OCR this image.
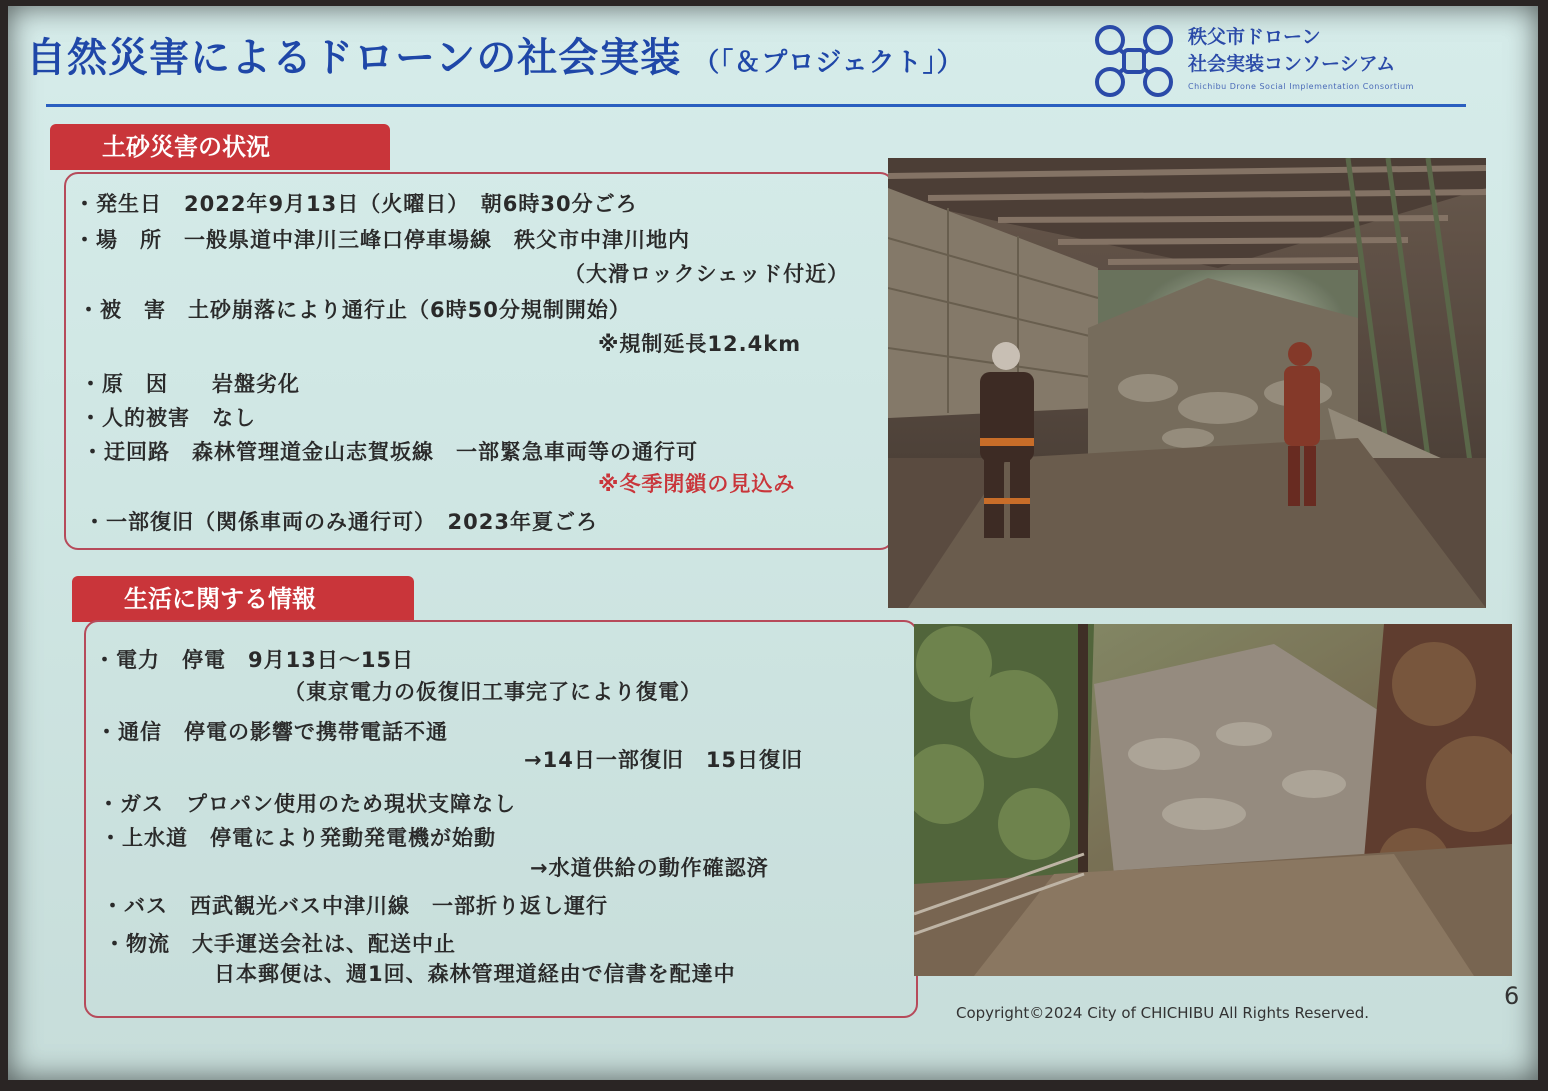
自然災害によるドローンの社会実装 （「＆プロジェクト」）
秩父市ドローン
社会実装コンソーシアム
Chichibu Drone Social Implementation Consortium
土砂災害の状況
・発生日　2022年9月13日（火曜日）　朝6時30分ごろ
・場　所　一般県道中津川三峰口停車場線　秩父市中津川地内
（大滑ロックシェッド付近）
・被　害　土砂崩落により通行止（6時50分規制開始）
※規制延長12.4km
・原　因　　岩盤劣化
・人的被害　なし
・迂回路　森林管理道金山志賀坂線　一部緊急車両等の通行可
※冬季閉鎖の見込み
・一部復旧（関係車両のみ通行可）　2023年夏ごろ
生活に関する情報
・電力　停電　9月13日～15日
（東京電力の仮復旧工事完了により復電）
・通信　停電の影響で携帯電話不通
→14日一部復旧　15日復旧
・ガス　プロパン使用のため現状支障なし
・上水道　停電により発動発電機が始動
→水道供給の動作確認済
・バス　西武観光バス中津川線　一部折り返し運行
・物流　大手運送会社は、配送中止
日本郵便は、週1回、森林管理道経由で信書を配達中
Copyright©2024 City of CHICHIBU All Rights Reserved.
6
